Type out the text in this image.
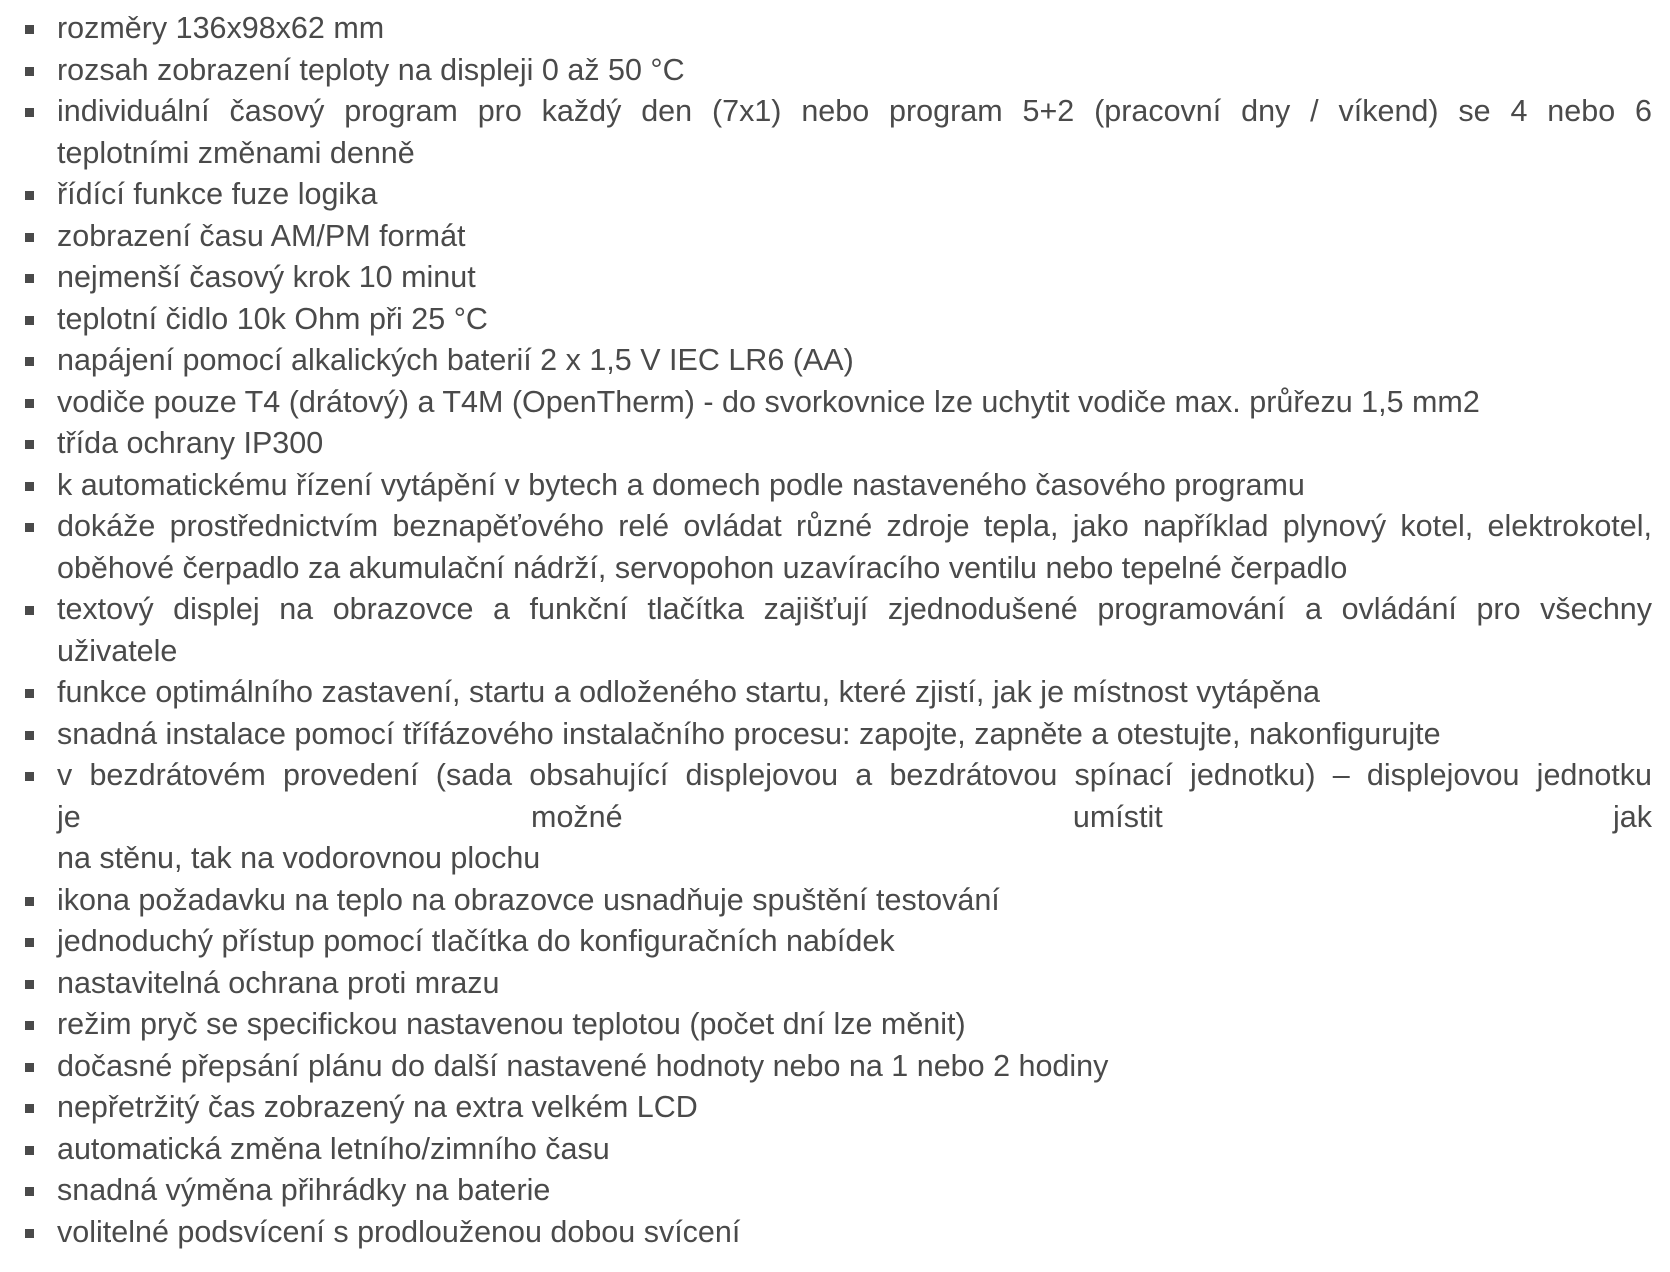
rozměry 136x98x62 mm
rozsah zobrazení teploty na displeji 0 až 50 °C
individuální časový program pro každý den (7x1) nebo program 5+2 (pracovní dny / víkend) se 4 nebo 6
teplotními změnami denně
řídící funkce fuze logika
zobrazení času AM/PM formát
nejmenší časový krok 10 minut
teplotní čidlo 10k Ohm při 25 °C
napájení pomocí alkalických baterií 2 x 1,5 V IEC LR6 (AA)
vodiče pouze T4 (drátový) a T4M (OpenTherm) - do svorkovnice lze uchytit vodiče max. průřezu 1,5 mm2
třída ochrany IP300
k automatickému řízení vytápění v bytech a domech podle nastaveného časového programu
dokáže prostřednictvím beznapěťového relé ovládat různé zdroje tepla, jako například plynový kotel, elektrokotel,
oběhové čerpadlo za akumulační nádrží, servopohon uzavíracího ventilu nebo tepelné čerpadlo
textový displej na obrazovce a funkční tlačítka zajišťují zjednodušené programování a ovládání pro všechny
uživatele
funkce optimálního zastavení, startu a odloženého startu, které zjistí, jak je místnost vytápěna
snadná instalace pomocí třífázového instalačního procesu: zapojte, zapněte a otestujte, nakonfigurujte
v bezdrátovém provedení (sada obsahující displejovou a bezdrátovou spínací jednotku) – displejovou jednotku
je možné umístit jak
na stěnu, tak na vodorovnou plochu
ikona požadavku na teplo na obrazovce usnadňuje spuštění testování
jednoduchý přístup pomocí tlačítka do konfiguračních nabídek
nastavitelná ochrana proti mrazu
režim pryč se specifickou nastavenou teplotou (počet dní lze měnit)
dočasné přepsání plánu do další nastavené hodnoty nebo na 1 nebo 2 hodiny
nepřetržitý čas zobrazený na extra velkém LCD
automatická změna letního/zimního času
snadná výměna přihrádky na baterie
volitelné podsvícení s prodlouženou dobou svícení
